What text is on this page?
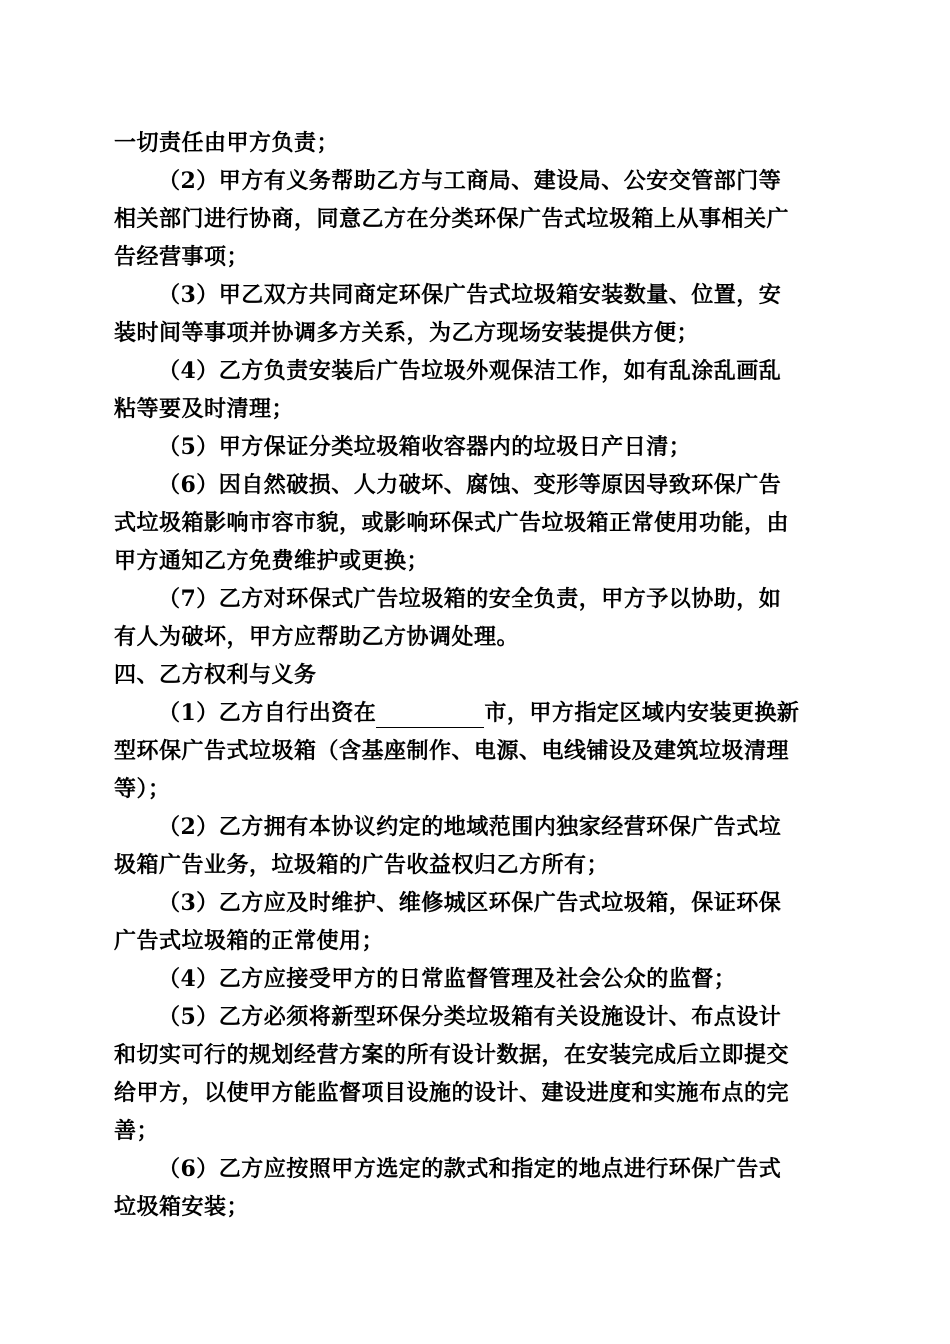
一切责任由甲方负责；
（2）甲方有义务帮助乙方与工商局、建设局、公安交管部门等
相关部门进行协商，同意乙方在分类环保广告式垃圾箱上从事相关广
告经营事项；
（3）甲乙双方共同商定环保广告式垃圾箱安装数量、位置，安
装时间等事项并协调多方关系，为乙方现场安装提供方便；
（4）乙方负责安装后广告垃圾外观保洁工作，如有乱涂乱画乱
粘等要及时清理；
（5）甲方保证分类垃圾箱收容器内的垃圾日产日清；
（6）因自然破损、人力破坏、腐蚀、变形等原因导致环保广告
式垃圾箱影响市容市貌，或影响环保式广告垃圾箱正常使用功能，由
甲方通知乙方免费维护或更换；
（7）乙方对环保式广告垃圾箱的安全负责，甲方予以协助，如
有人为破坏，甲方应帮助乙方协调处理。
四、乙方权利与义务
（1）乙方自行出资在	市，甲方指定区域内安装更换新
型环保广告式垃圾箱（含基座制作、电源、电线铺设及建筑垃圾清理
等）；
（2）乙方拥有本协议约定的地域范围内独家经营环保广告式垃
圾箱广告业务，垃圾箱的广告收益权归乙方所有；
（3）乙方应及时维护、维修城区环保广告式垃圾箱，保证环保
广告式垃圾箱的正常使用；
（4）乙方应接受甲方的日常监督管理及社会公众的监督；
（5）乙方必须将新型环保分类垃圾箱有关设施设计、布点设计
和切实可行的规划经营方案的所有设计数据，在安装完成后立即提交
给甲方，以使甲方能监督项目设施的设计、建设进度和实施布点的完
善；
（6）乙方应按照甲方选定的款式和指定的地点进行环保广告式
垃圾箱安装；
